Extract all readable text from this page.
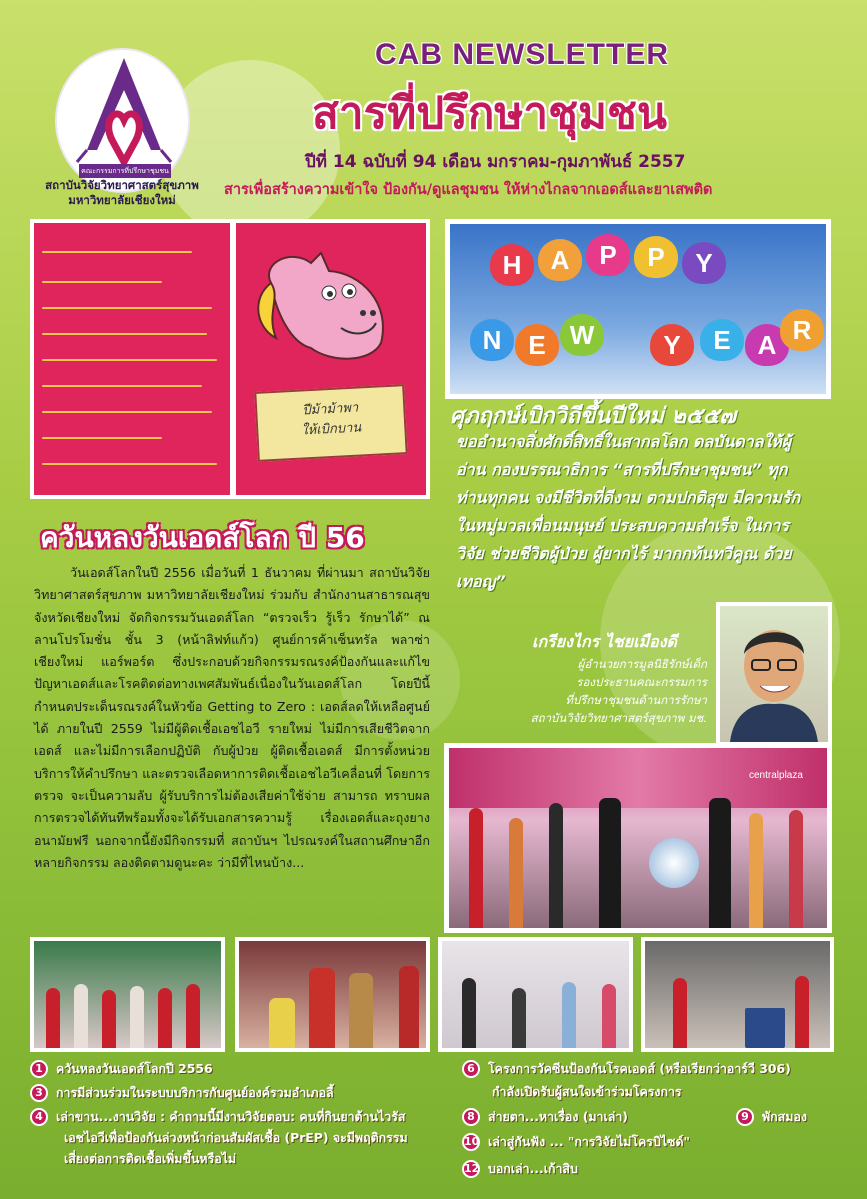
คณะกรรมการที่ปรึกษาชุมชน
สถาบันวิจัยวิทยาศาสตร์สุขภาพ
มหาวิทยาลัยเชียงใหม่
CAB NEWSLETTER
สารที่ปรึกษาชุมชน
ปีที่ 14 ฉบับที่ 94 เดือน มกราคม-กุมภาพันธ์ 2557
สารเพื่อสร้างความเข้าใจ ป้องกัน/ดูแลชุมชน ให้ห่างไกลจากเอดส์และยาเสพติด
ปีม้าม้าพา
ให้เบิกบาน
H	A	P	P	Y
N	E W	Y	E	A R
ศุภฤกษ์เบิกวิถีขึ้นปีใหม่ ๒๕๕๗
ขออำนาจสิ่งศักดิ์สิทธิ์ในสากลโลก ดลบันดาลให้ผู้อ่าน กองบรรณาธิการ “สารที่ปรึกษาชุมชน” ทุกท่านทุกคน จงมีชีวิตที่ดีงาม ตามปกติสุข มีความรัก ในหมู่มวลเพื่อนมนุษย์ ประสบความสำเร็จ ในการวิจัย ช่วยชีวิตผู้ป่วย ผู้ยากไร้ มากกท้นทวีคูณ ด้วย เทอญ”
เกรียงไกร ไชยเมืองดี
ผู้อำนวยการมูลนิธิรักษ์เด็ก
รองประธานคณะกรรมการ
ที่ปรึกษาชุมชนด้านการรักษา
สถาบันวิจัยวิทยาศาสตร์สุขภาพ มช.
ควันหลงวันเอดส์โลก ปี 56

วันเอดส์โลกในปี 2556 เมื่อวันที่ 1 ธันวาคม ที่ผ่านมา สถาบันวิจัยวิทยาศาสตร์สุขภาพ มหาวิทยาลัยเชียงใหม่ ร่วมกับ สำนักงานสาธารณสุข จังหวัดเชียงใหม่ จัดกิจกรรมวันเอดส์โลก “ตรวจเร็ว รู้เร็ว รักษาได้” ณ ลานโปรโมชั่น ชั้น 3 (หน้าลิฟท์แก้ว) ศูนย์การค้าเซ็นทรัล พลาซ่า เชียงใหม่ แอร์พอร์ต ซึ่งประกอบด้วยกิจกรรมรณรงค์ป้องกันและแก้ไข ปัญหาเอดส์และโรคติดต่อทางเพศสัมพันธ์เนื่องในวันเอดส์โลก โดยปีนี้กำหนดประเด็นรณรงค์ในหัวข้อ Getting to Zero : เอดส์ลดให้เหลือศูนย์ได้ ภายในปี 2559 ไม่มีผู้ติดเชื้อเอชไอวี รายใหม่ ไม่มีการเสียชีวิตจากเอดส์ และไม่มีการเลือกปฏิบัติ กับผู้ป่วย ผู้ติดเชื้อเอดส์ มีการตั้งหน่วยบริการให้คำปรึกษา และตรวจเลือดหาการติดเชื้อเอชไอวีเคลื่อนที่ โดยการตรวจ จะเป็นความลับ ผู้รับบริการไม่ต้องเสียค่าใช้จ่าย สามารถ ทราบผลการตรวจได้ทันทีพร้อมทั้งจะได้รับเอกสารความรู้ เรื่องเอดส์และถุงยางอนามัยฟรี นอกจากนี้ยังมีกิจกรรมที่ สถาบันฯ ไปรณรงค์ในสถานศึกษาอีกหลายกิจกรรม ลองติดตามดูนะคะ ว่ามีที่ไหนบ้าง...

centralplaza
1 ควันหลงวันเอดส์โลกปี 2556
3 การมีส่วนร่วมในระบบบริการกับศูนย์องค์รวมอำเภอลี้
4 เล่าขาน...งานวิจัย : คำถามนี้มีงานวิจัยตอบ: คนที่กินยาต้านไวรัส
เอชไอวีเพื่อป้องกันล่วงหน้าก่อนสัมผัสเชื้อ (PrEP) จะมีพฤติกรรม
เสี่ยงต่อการติดเชื้อเพิ่มขึ้นหรือไม่
6 โครงการวัคซีนป้องกันโรคเอดส์ (หรือเรียกว่าอาร์วี 306)
กำลังเปิดรับผู้สนใจเข้าร่วมโครงการ
8 ส่ายตา...หาเรื่อง (มาเล่า)	9 พักสมอง
10 เล่าสู่กันฟัง ... "การวิจัยไม่โครบิไซด์"
12 บอกเล่า...เก้าสิบ
